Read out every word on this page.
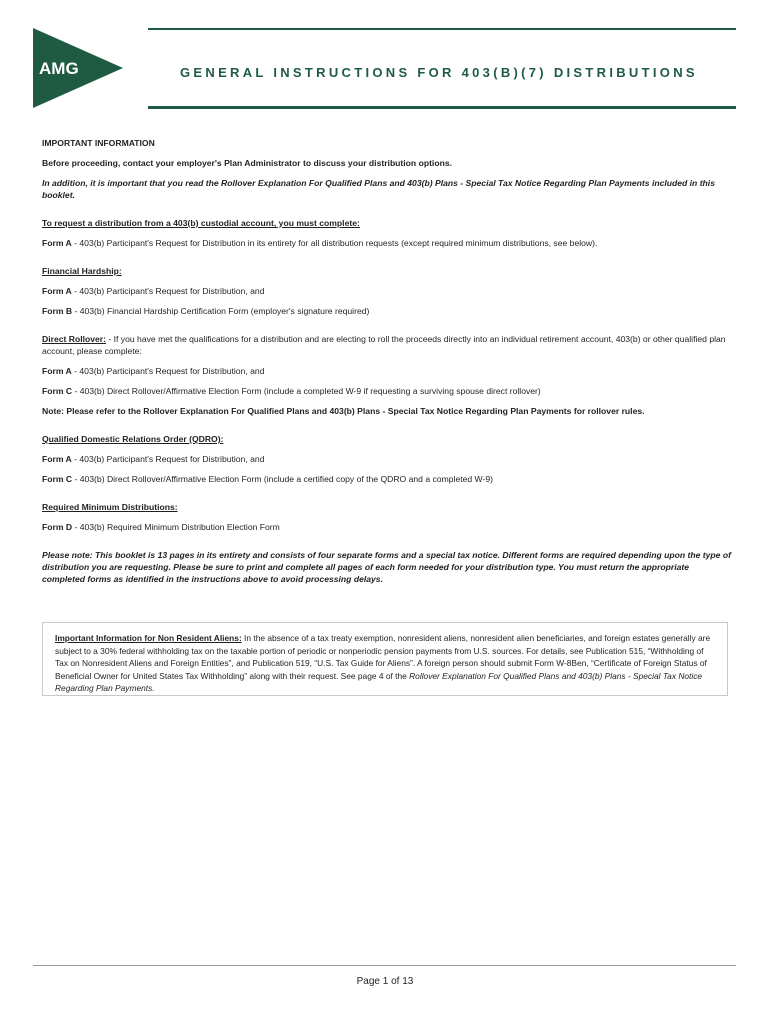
AMG	GENERAL INSTRUCTIONS FOR 403(B)(7) DISTRIBUTIONS

IMPORTANT INFORMATION

Before proceeding, contact your employer's Plan Administrator to discuss your distribution options.

In addition, it is important that you read the Rollover Explanation For Qualified Plans and 403(b) Plans - Special Tax Notice Regarding Plan Payments included in this booklet.

To request a distribution from a 403(b) custodial account, you must complete:

Form A - 403(b) Participant's Request for Distribution in its entirety for all distribution requests (except required minimum distributions, see below).

Financial Hardship:

Form A - 403(b) Participant's Request for Distribution, and

Form B - 403(b) Financial Hardship Certification Form (employer's signature required)

Direct Rollover: - If you have met the qualifications for a distribution and are electing to roll the proceeds directly into an individual retirement account, 403(b) or other qualified plan account, please complete:

Form A - 403(b) Participant's Request for Distribution, and

Form C - 403(b) Direct Rollover/Affirmative Election Form (include a completed W-9 if requesting a surviving spouse direct rollover)

Note: Please refer to the Rollover Explanation For Qualified Plans and 403(b) Plans - Special Tax Notice Regarding Plan Payments for rollover rules.

Qualified Domestic Relations Order (QDRO):

Form A - 403(b) Participant's Request for Distribution, and

Form C - 403(b) Direct Rollover/Affirmative Election Form (include a certified copy of the QDRO and a completed W-9)

Required Minimum Distributions:

Form D - 403(b) Required Minimum Distribution Election Form

Please note: This booklet is 13 pages in its entirety and consists of four separate forms and a special tax notice. Different forms are required depending upon the type of distribution you are requesting. Please be sure to print and complete all pages of each form needed for your distribution type. You must return the appropriate completed forms as identified in the instructions above to avoid processing delays.

Important Information for Non Resident Aliens: In the absence of a tax treaty exemption, nonresident aliens, nonresident alien beneficiaries, and foreign estates generally are subject to a 30% federal withholding tax on the taxable portion of periodic or nonperiodic pension payments from U.S. sources. For details, see Publication 515, “Withholding of Tax on Nonresident Aliens and Foreign Entities”, and Publication 519, “U.S. Tax Guide for Aliens”. A foreign person should submit Form W-8Ben, “Certificate of Foreign Status of Beneficial Owner for United States Tax Withholding” along with their request. See page 4 of the Rollover Explanation For Qualified Plans and 403(b) Plans - Special Tax Notice Regarding Plan Payments.
Page 1 of 13
